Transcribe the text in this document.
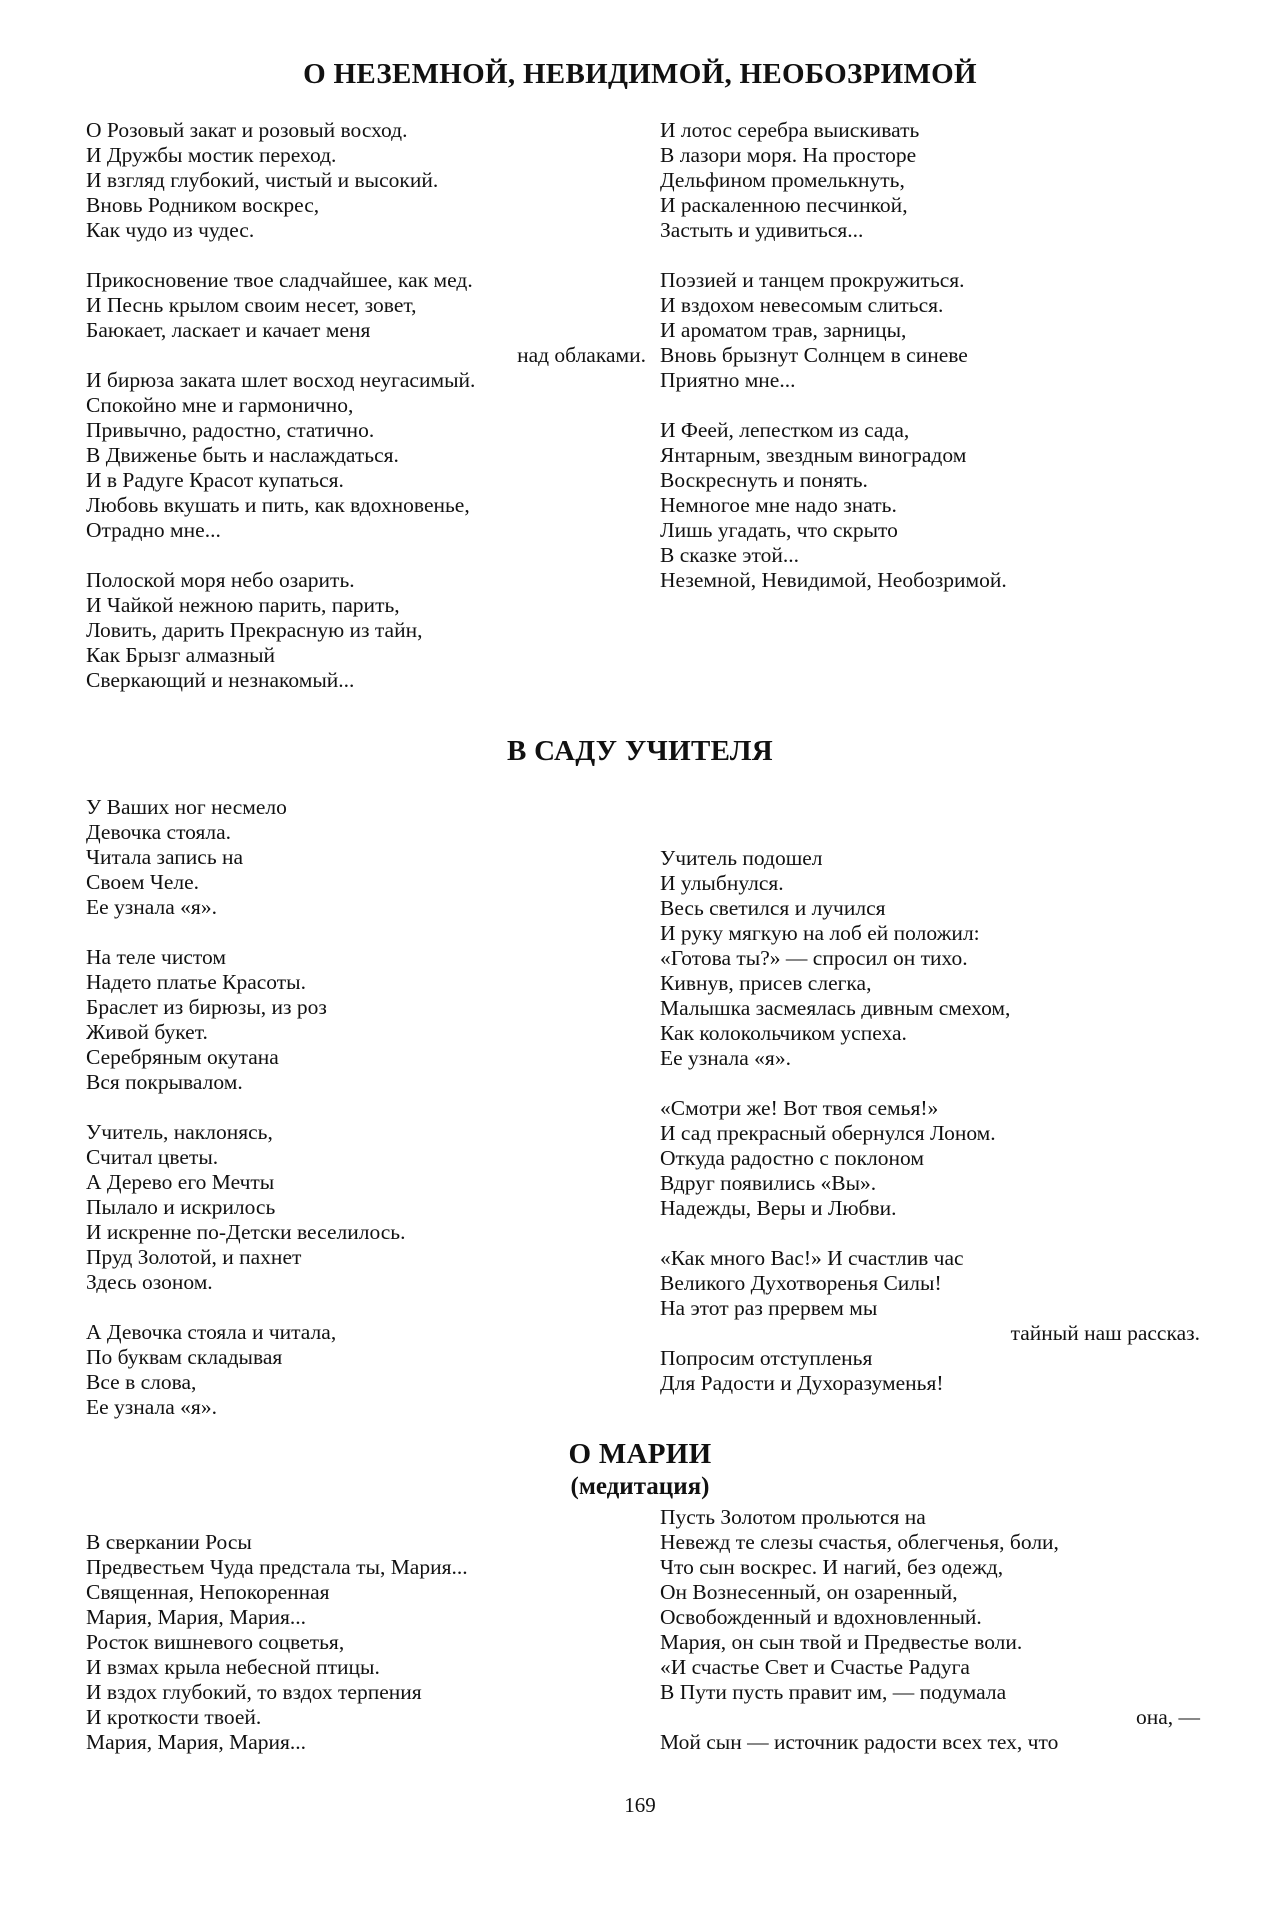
О НЕЗЕМНОЙ, НЕВИДИМОЙ, НЕОБОЗРИМОЙ
О Розовый закат и розовый восход.
И Дружбы мостик переход.
И взгляд глубокий, чистый и высокий.
Вновь Родником воскрес,
Как чудо из чудес.
Прикосновение твое сладчайшее, как мед.
И Песнь крылом своим несет, зовет,
Баюкает, ласкает и качает меня
над облаками.
И бирюза заката шлет восход неугасимый.
Спокойно мне и гармонично,
Привычно, радостно, статично.
В Движенье быть и наслаждаться.
И в Радуге Красот купаться.
Любовь вкушать и пить, как вдохновенье,
Отрадно мне...
Полоской моря небо озарить.
И Чайкой нежною парить, парить,
Ловить, дарить Прекрасную из тайн,
Как Брызг алмазный
Сверкающий и незнакомый...
И лотос серебра выискивать
В лазори моря. На просторе
Дельфином промелькнуть,
И раскаленною песчинкой,
Застыть и удивиться...
Поэзией и танцем прокружиться.
И вздохом невесомым слиться.
И ароматом трав, зарницы,
Вновь брызнут Солнцем в синеве
Приятно мне...
И Феей, лепестком из сада,
Янтарным, звездным виноградом
Воскреснуть и понять.
Немногое мне надо знать.
Лишь угадать, что скрыто
В сказке этой...
Неземной, Невидимой, Необозримой.
В САДУ УЧИТЕЛЯ
У Ваших ног несмело
Девочка стояла.
Читала запись на
Своем Челе.
Ее узнала «я».
На теле чистом
Надето платье Красоты.
Браслет из бирюзы, из роз
Живой букет.
Серебряным окутана
Вся покрывалом.
Учитель, наклонясь,
Считал цветы.
А Дерево его Мечты
Пылало и искрилось
И искренне по-Детски веселилось.
Пруд Золотой, и пахнет
Здесь озоном.
А Девочка стояла и читала,
По буквам складывая
Все в слова,
Ее узнала «я».
Учитель подошел
И улыбнулся.
Весь светился и лучился
И руку мягкую на лоб ей положил:
«Готова ты?» — спросил он тихо.
Кивнув, присев слегка,
Малышка засмеялась дивным смехом,
Как колокольчиком успеха.
Ее узнала «я».
«Смотри же! Вот твоя семья!»
И сад прекрасный обернулся Лоном.
Откуда радостно с поклоном
Вдруг появились «Вы».
Надежды, Веры и Любви.
«Как много Вас!» И счастлив час
Великого Духотворенья Силы!
На этот раз прервем мы
тайный наш рассказ.
Попросим отступленья
Для Радости и Духоразуменья!
О МАРИИ
(медитация)
В сверкании Росы
Предвестьем Чуда предстала ты, Мария...
Священная, Непокоренная
Мария, Мария, Мария...
Росток вишневого соцветья,
И взмах крыла небесной птицы.
И вздох глубокий, то вздох терпения
И кроткости твоей.
Мария, Мария, Мария...
Пусть Золотом прольются на
Невежд те слезы счастья, облегченья, боли,
Что сын воскрес. И нагий, без одежд,
Он Вознесенный, он озаренный,
Освобожденный и вдохновленный.
Мария, он сын твой и Предвестье воли.
«И счастье Свет и Счастье Радуга
В Пути пусть правит им, — подумала
она, —
Мой сын — источник радости всех тех, что
169
